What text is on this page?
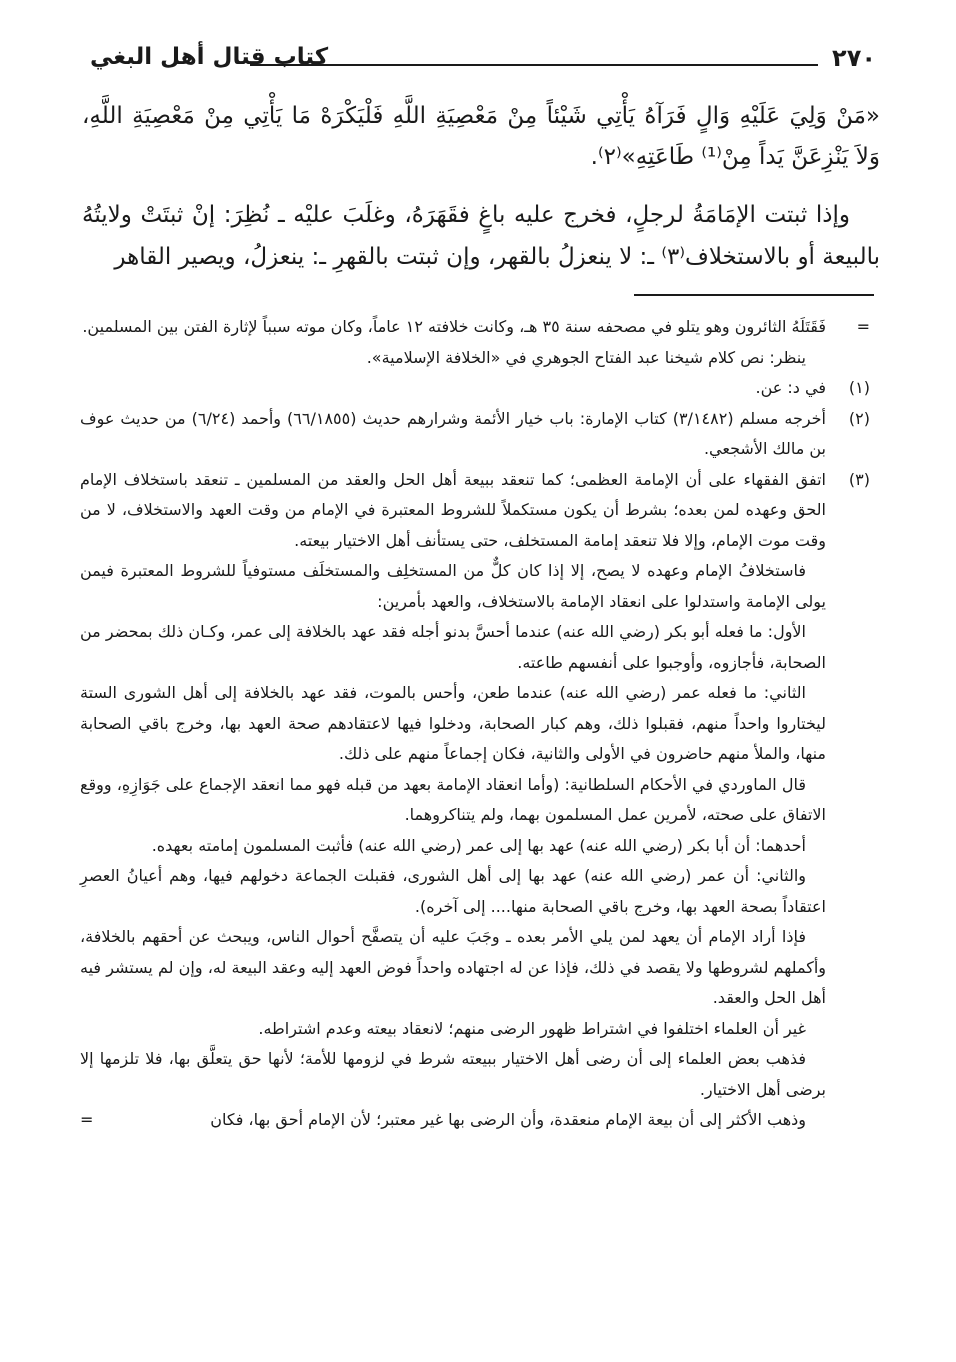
٢٧٠
كتاب قتال أهل البغي

«مَنْ وَلِيَ عَلَيْهِ وَالٍ فَرَآهُ يَأْتِي شَيْئاً مِنْ مَعْصِيَةِ اللَّهِ فَلْيَكْرَهْ مَا يَأْتِي مِنْ مَعْصِيَةِ اللَّهِ، وَلاَ يَنْزِعَنَّ يَداً مِنْ⁽¹⁾ طَاعَتِهِ»⁽٢⁾.

وإذا ثبتت الإمَامَةُ لرجلٍ، فخرج عليه باغٍ فقَهَرَهُ، وغلَبَ عليْه ـ نُظِرَ: إنْ ثبتَتْ ولايتُهُ بالبيعة أو بالاستخلاف⁽٣⁾ ـ: لا ينعزلُ بالقهر، وإن ثبتت بالقهرِ ـ: ينعزلُ، ويصير القاهر

=
فَقَتَلَهُ الثائرون وهو يتلو في مصحفه سنة ٣٥ هـ، وكانت خلافته ١٢ عاماً، وكان موته سبباً لإثارة الفتن بين المسلمين.

ينظر: نص كلام شيخنا عبد الفتاح الجوهري في «الخلافة الإسلامية».

(١)
في د: عن.

(٢)
أخرجه مسلم (٣/١٤٨٢) كتاب الإمارة: باب خيار الأئمة وشرارهم حديث (٦٦/١٨٥٥) وأحمد (٦/٢٤) من حديث عوف بن مالك الأشجعي.

(٣)
اتفق الفقهاء على أن الإمامة العظمى؛ كما تنعقد ببيعة أهل الحل والعقد من المسلمين ـ تنعقد باستخلاف الإمام الحق وعهده لمن بعده؛ بشرط أن يكون مستكملاً للشروط المعتبرة في الإمام من وقت العهد والاستخلاف، لا من وقت موت الإمام، وإلا فلا تنعقد إمامة المستخلف، حتى يستأنف أهل الاختيار بيعته.

فاستخلافُ الإمام وعهده لا يصح، إلا إذا كان كلٌّ من المستخلِف والمستخلَف مستوفياً للشروط المعتبرة فيمن يولى الإمامة واستدلوا على انعقاد الإمامة بالاستخلاف، والعهد بأمرين:

الأول: ما فعله أبو بكر (رضي الله عنه) عندما أحسَّ بدنو أجله فقد عهد بالخلافة إلى عمر، وكـان ذلك بمحضر من الصحابة، فأجازوه، وأوجبوا على أنفسهم طاعته.

الثاني: ما فعله عمر (رضي الله عنه) عندما طعن، وأحس بالموت، فقد عهد بالخلافة إلى أهل الشورى الستة ليختاروا واحداً منهم، فقبلوا ذلك، وهم كبار الصحابة، ودخلوا فيها لاعتقادهم صحة العهد بها، وخرج باقي الصحابة منها، والملأ منهم حاضرون في الأولى والثانية، فكان إجماعاً منهم على ذلك.

قال الماوردي في الأحكام السلطانية: (وأما انعقاد الإمامة بعهد من قبله فهو مما انعقد الإجماع على جَوَازِهِ، ووقع الاتفاق على صحته، لأمرين عمل المسلمون بهما، ولم يتناكروهما.

أحدهما: أن أبا بكر (رضي الله عنه) عهد بها إلى عمر (رضي الله عنه) فأثبت المسلمون إمامته بعهده.

والثاني: أن عمر (رضي الله عنه) عهد بها إلى أهل الشورى، فقبلت الجماعة دخولهم فيها، وهم أعيانُ العصرِ اعتقاداً بصحة العهد بها، وخرج باقي الصحابة منها.... إلى آخره).

فإذا أراد الإمام أن يعهد لمن يلي الأمر بعده ـ وجَبَ عليه أن يتصفَّح أحوال الناس، ويبحث عن أحقهم بالخلافة، وأكملهم لشروطها ولا يقصد في ذلك، فإذا عن له اجتهاده واحداً فوض العهد إليه وعقد البيعة له، وإن لم يستشر فيه أهل الحل والعقد.

غير أن العلماء اختلفوا في اشتراط ظهور الرضى منهم؛ لانعقاد بيعته وعدم اشتراطه.

فذهب بعض العلماء إلى أن رضى أهل الاختيار ببيعته شرط في لزومها للأمة؛ لأنها حق يتعلَّق بها، فلا تلزمها إلا برضى أهل الاختيار.

وذهب الأكثر إلى أن بيعة الإمام منعقدة، وأن الرضى بها غير معتبر؛ لأن الإمام أحق بها، فكان
=
